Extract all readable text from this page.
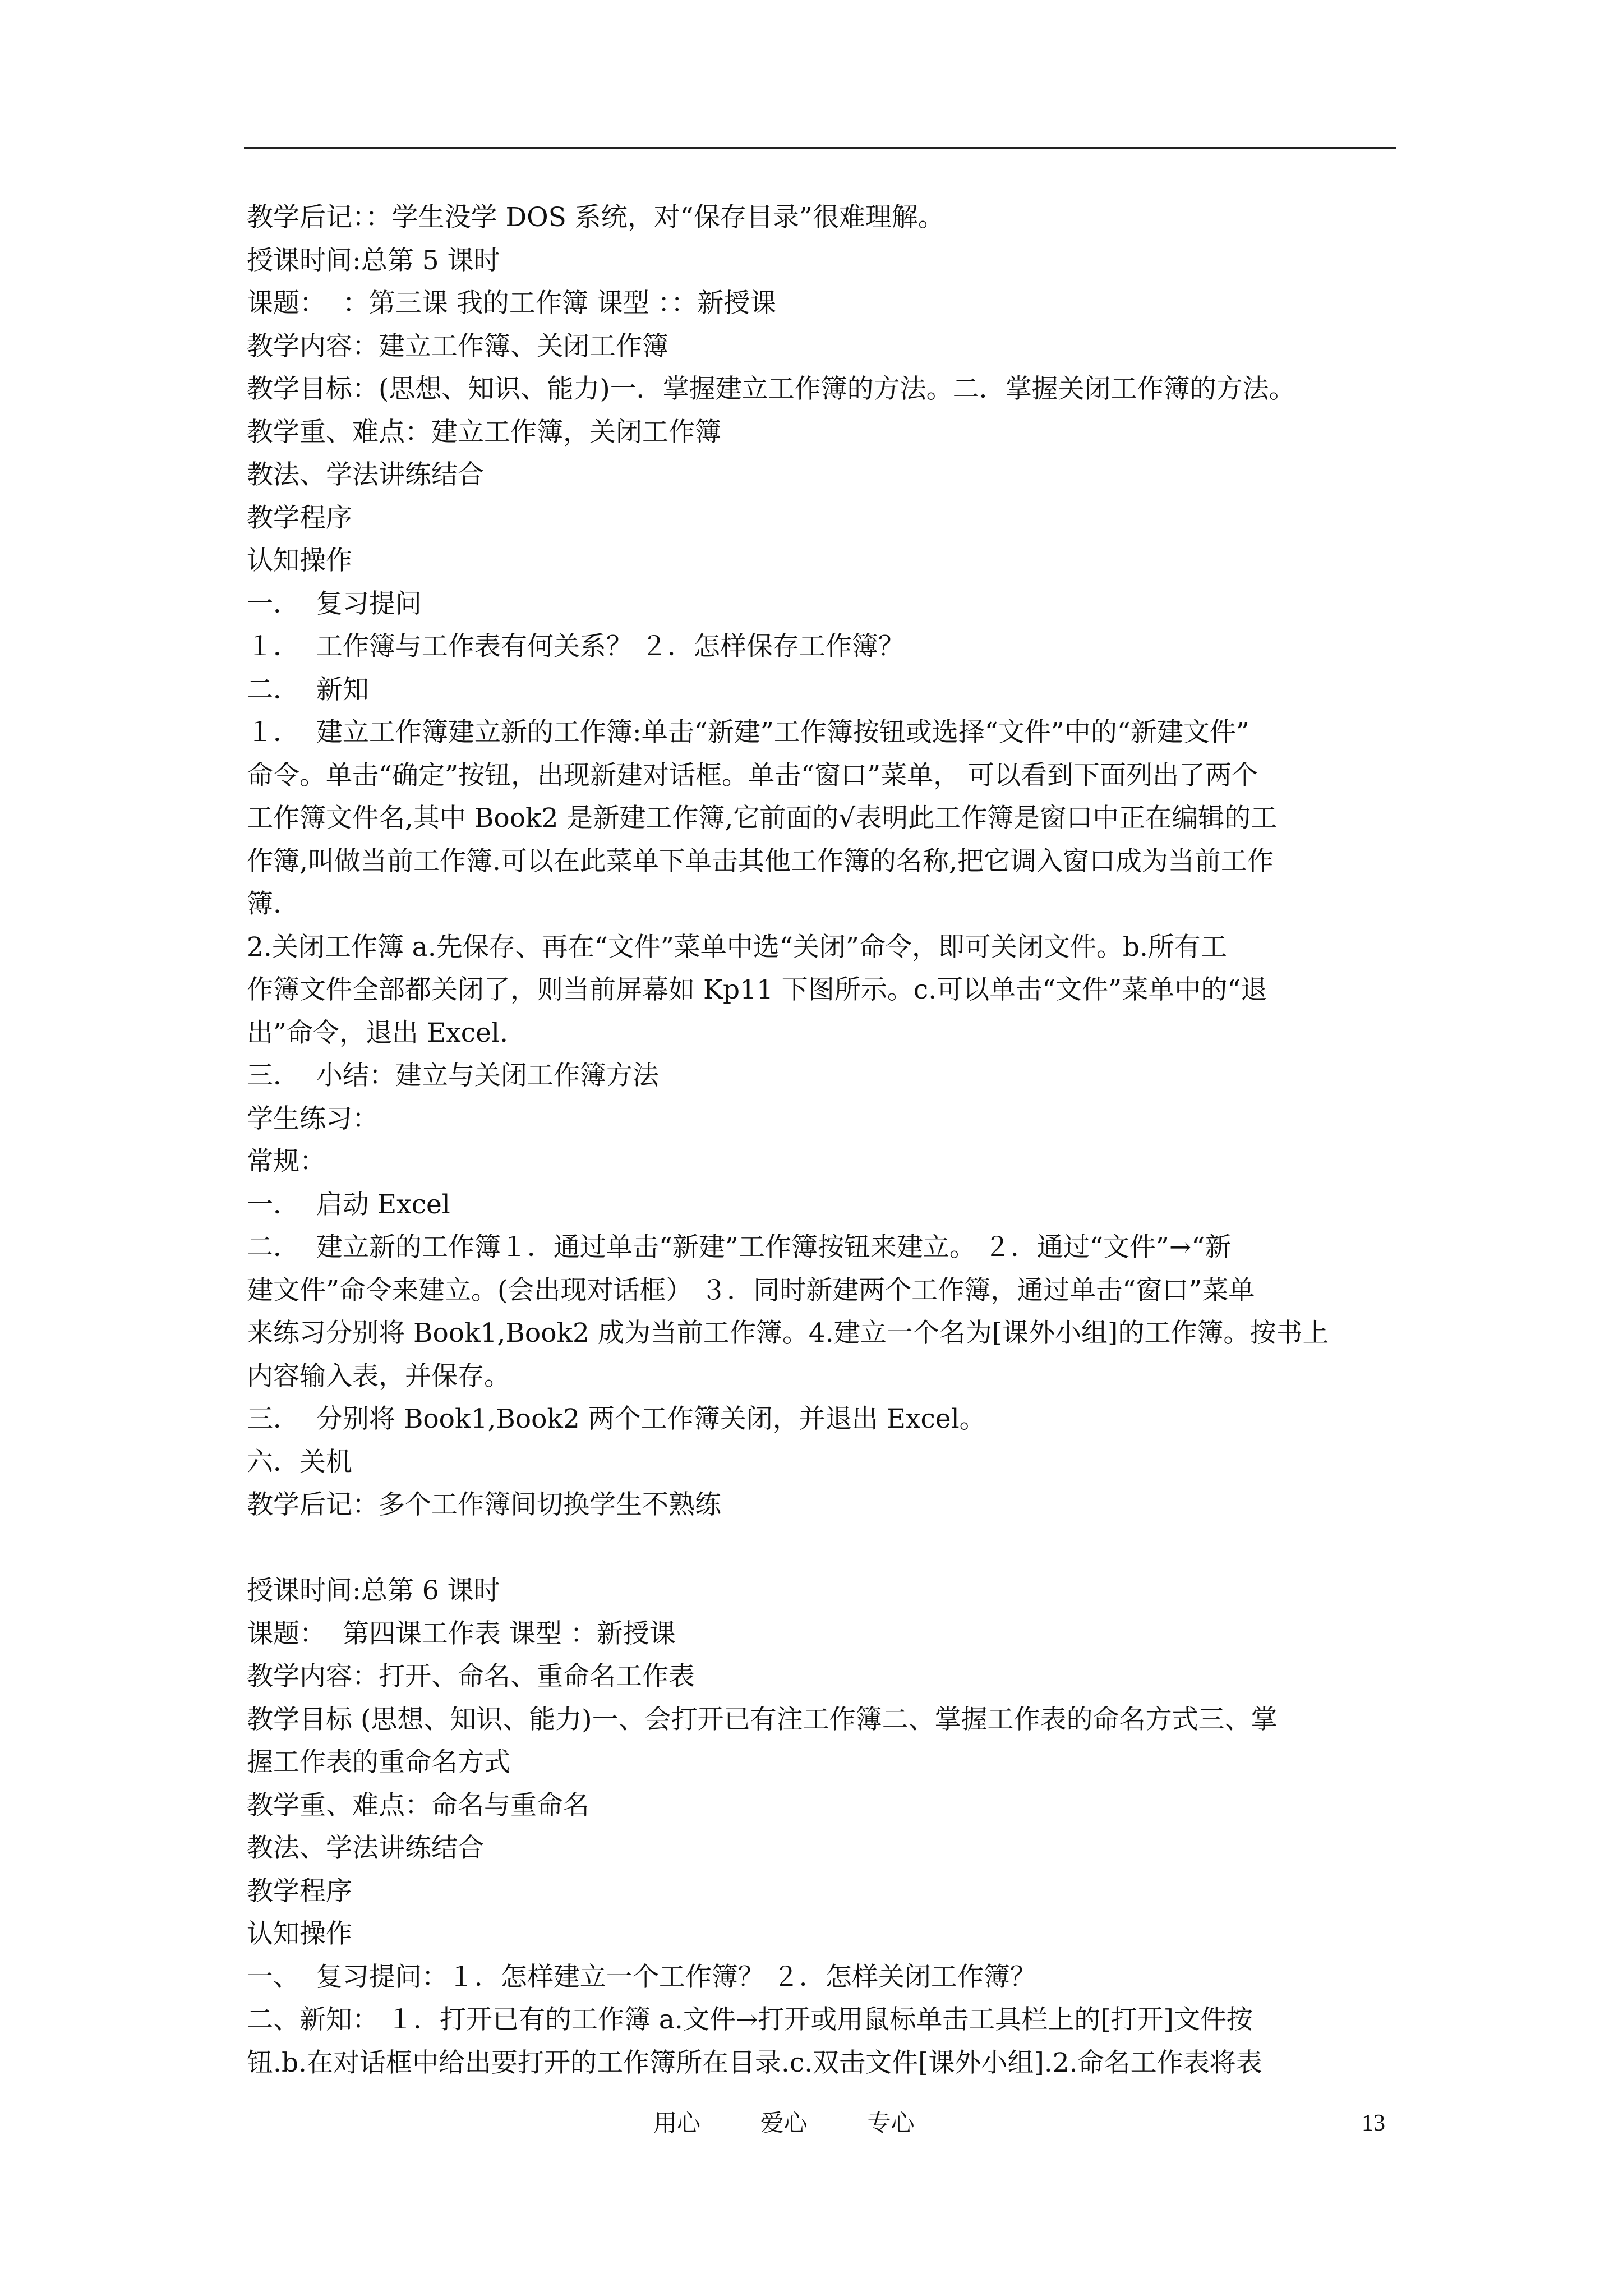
教学后记：：学生没学 DOS 系统，对“保存目录”很难理解。
授课时间:总第 5 课时
课题：  ：第三课 我的工作簿 课型 ：：新授课
教学内容：建立工作簿、关闭工作簿
教学目标：(思想、知识、能力)一．掌握建立工作簿的方法。二．掌握关闭工作簿的方法。
教学重、难点：建立工作簿，关闭工作簿
教法、学法讲练结合
教学程序
认知操作
一．  复习提问
１．  工作簿与工作表有何关系？ ２．怎样保存工作簿？
二．  新知
１．  建立工作簿建立新的工作簿:单击“新建”工作簿按钮或选择“文件”中的“新建文件”
命令。单击“确定”按钮，出现新建对话框。单击“窗口”菜单， 可以看到下面列出了两个
工作簿文件名,其中 Book2 是新建工作簿,它前面的√表明此工作簿是窗口中正在编辑的工
作簿,叫做当前工作簿.可以在此菜单下单击其他工作簿的名称,把它调入窗口成为当前工作
簿.
2.关闭工作簿 a.先保存、再在“文件”菜单中选“关闭”命令，即可关闭文件。b.所有工
作簿文件全部都关闭了，则当前屏幕如 Kp11 下图所示。c.可以单击“文件”菜单中的“退
出”命令，退出 Excel.
三．  小结：建立与关闭工作簿方法
学生练习：
常规：
一．  启动 Excel
二．  建立新的工作簿１．通过单击“新建”工作簿按钮来建立。 ２．通过“文件”→“新
建文件”命令来建立。(会出现对话框） ３．同时新建两个工作簿，通过单击“窗口”菜单
来练习分别将 Book1,Book2 成为当前工作簿。4.建立一个名为[课外小组]的工作簿。按书上
内容输入表，并保存。
三．  分别将 Book1,Book2 两个工作簿关闭，并退出 Excel。
六．关机
教学后记：多个工作簿间切换学生不熟练
授课时间:总第 6 课时
课题：  第四课工作表 课型 ：新授课
教学内容：打开、命名、重命名工作表
教学目标 (思想、知识、能力)一、会打开已有注工作簿二、掌握工作表的命名方式三、掌
握工作表的重命名方式
教学重、难点：命名与重命名
教法、学法讲练结合
教学程序
认知操作
一、  复习提问：１．怎样建立一个工作簿？ ２．怎样关闭工作簿？
二、新知： １．打开已有的工作簿 a.文件→打开或用鼠标单击工具栏上的[打开]文件按
钮.b.在对话框中给出要打开的工作簿所在目录.c.双击文件[课外小组].2.命名工作表将表
用心        爱心        专心	13
